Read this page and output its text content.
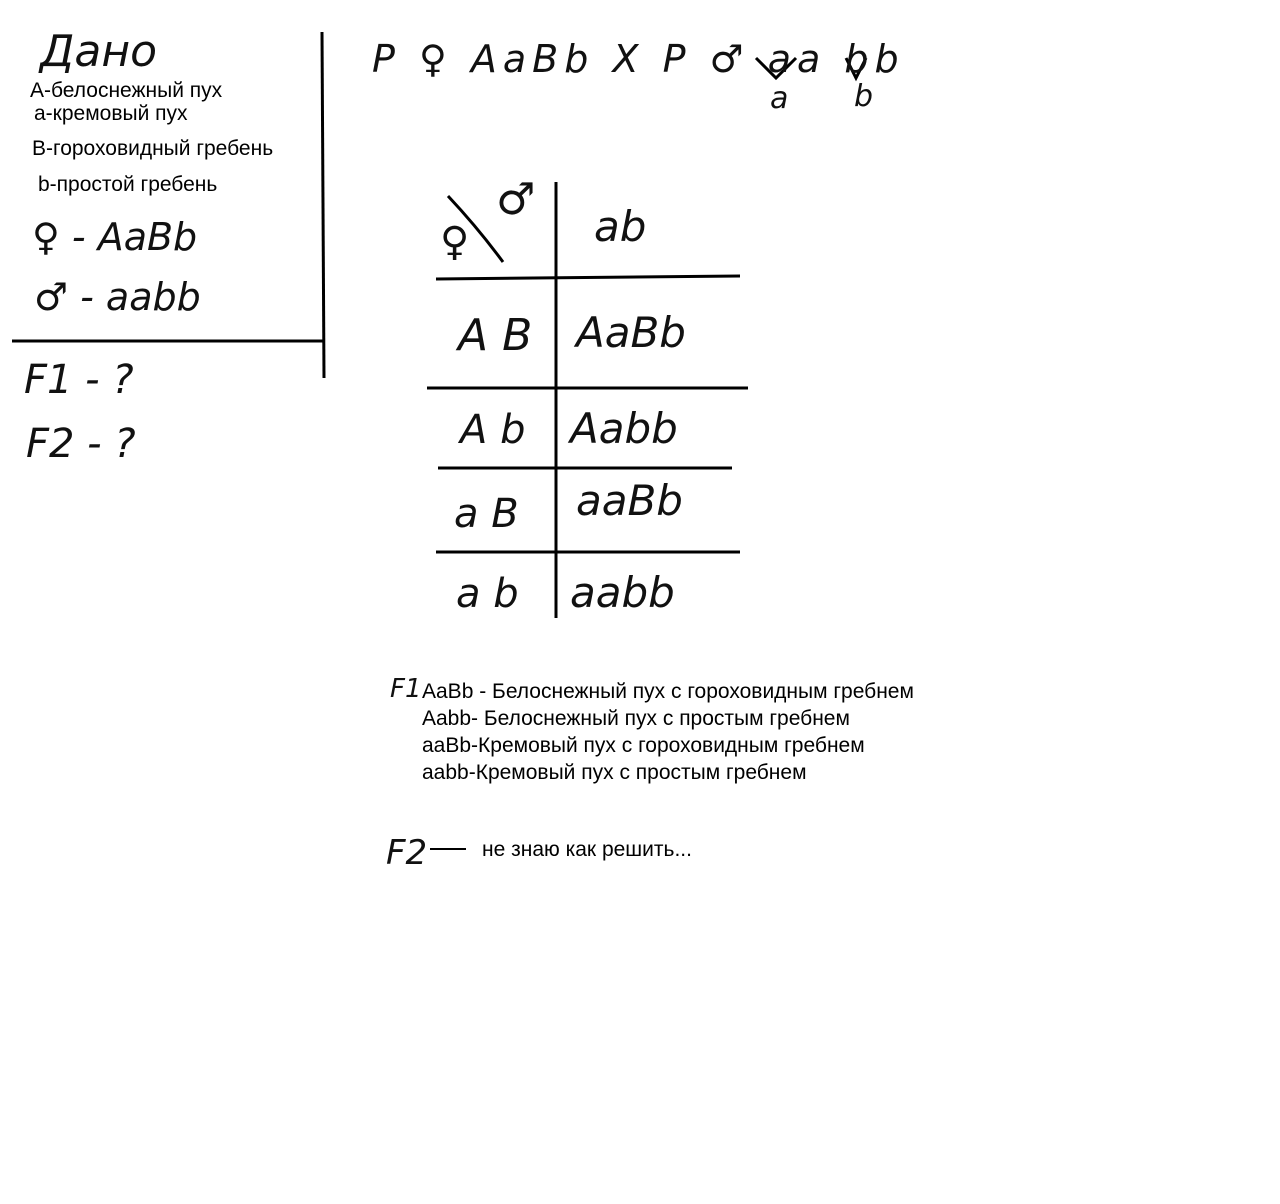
Дано
A-белоснежный пух
a-кремовый пух
B-гороховидный гребень
b-простой гребень
♀ - AaBb
♂ - aabb
F1 - ?
F2 - ?
P ♀ AaBb X P ♂ aa bb
a b
♂
♀	ab
A B AaBb
A b Aabb
a B aaBb
a b aabb
F1 AaBb - Белоснежный пух с гороховидным гребнем
Aabb- Белоснежный пух с простым гребнем
aaBb-Кремовый пух с гороховидным гребнем
aabb-Кремовый пух с простым гребнем
F2	не знаю как решить...
